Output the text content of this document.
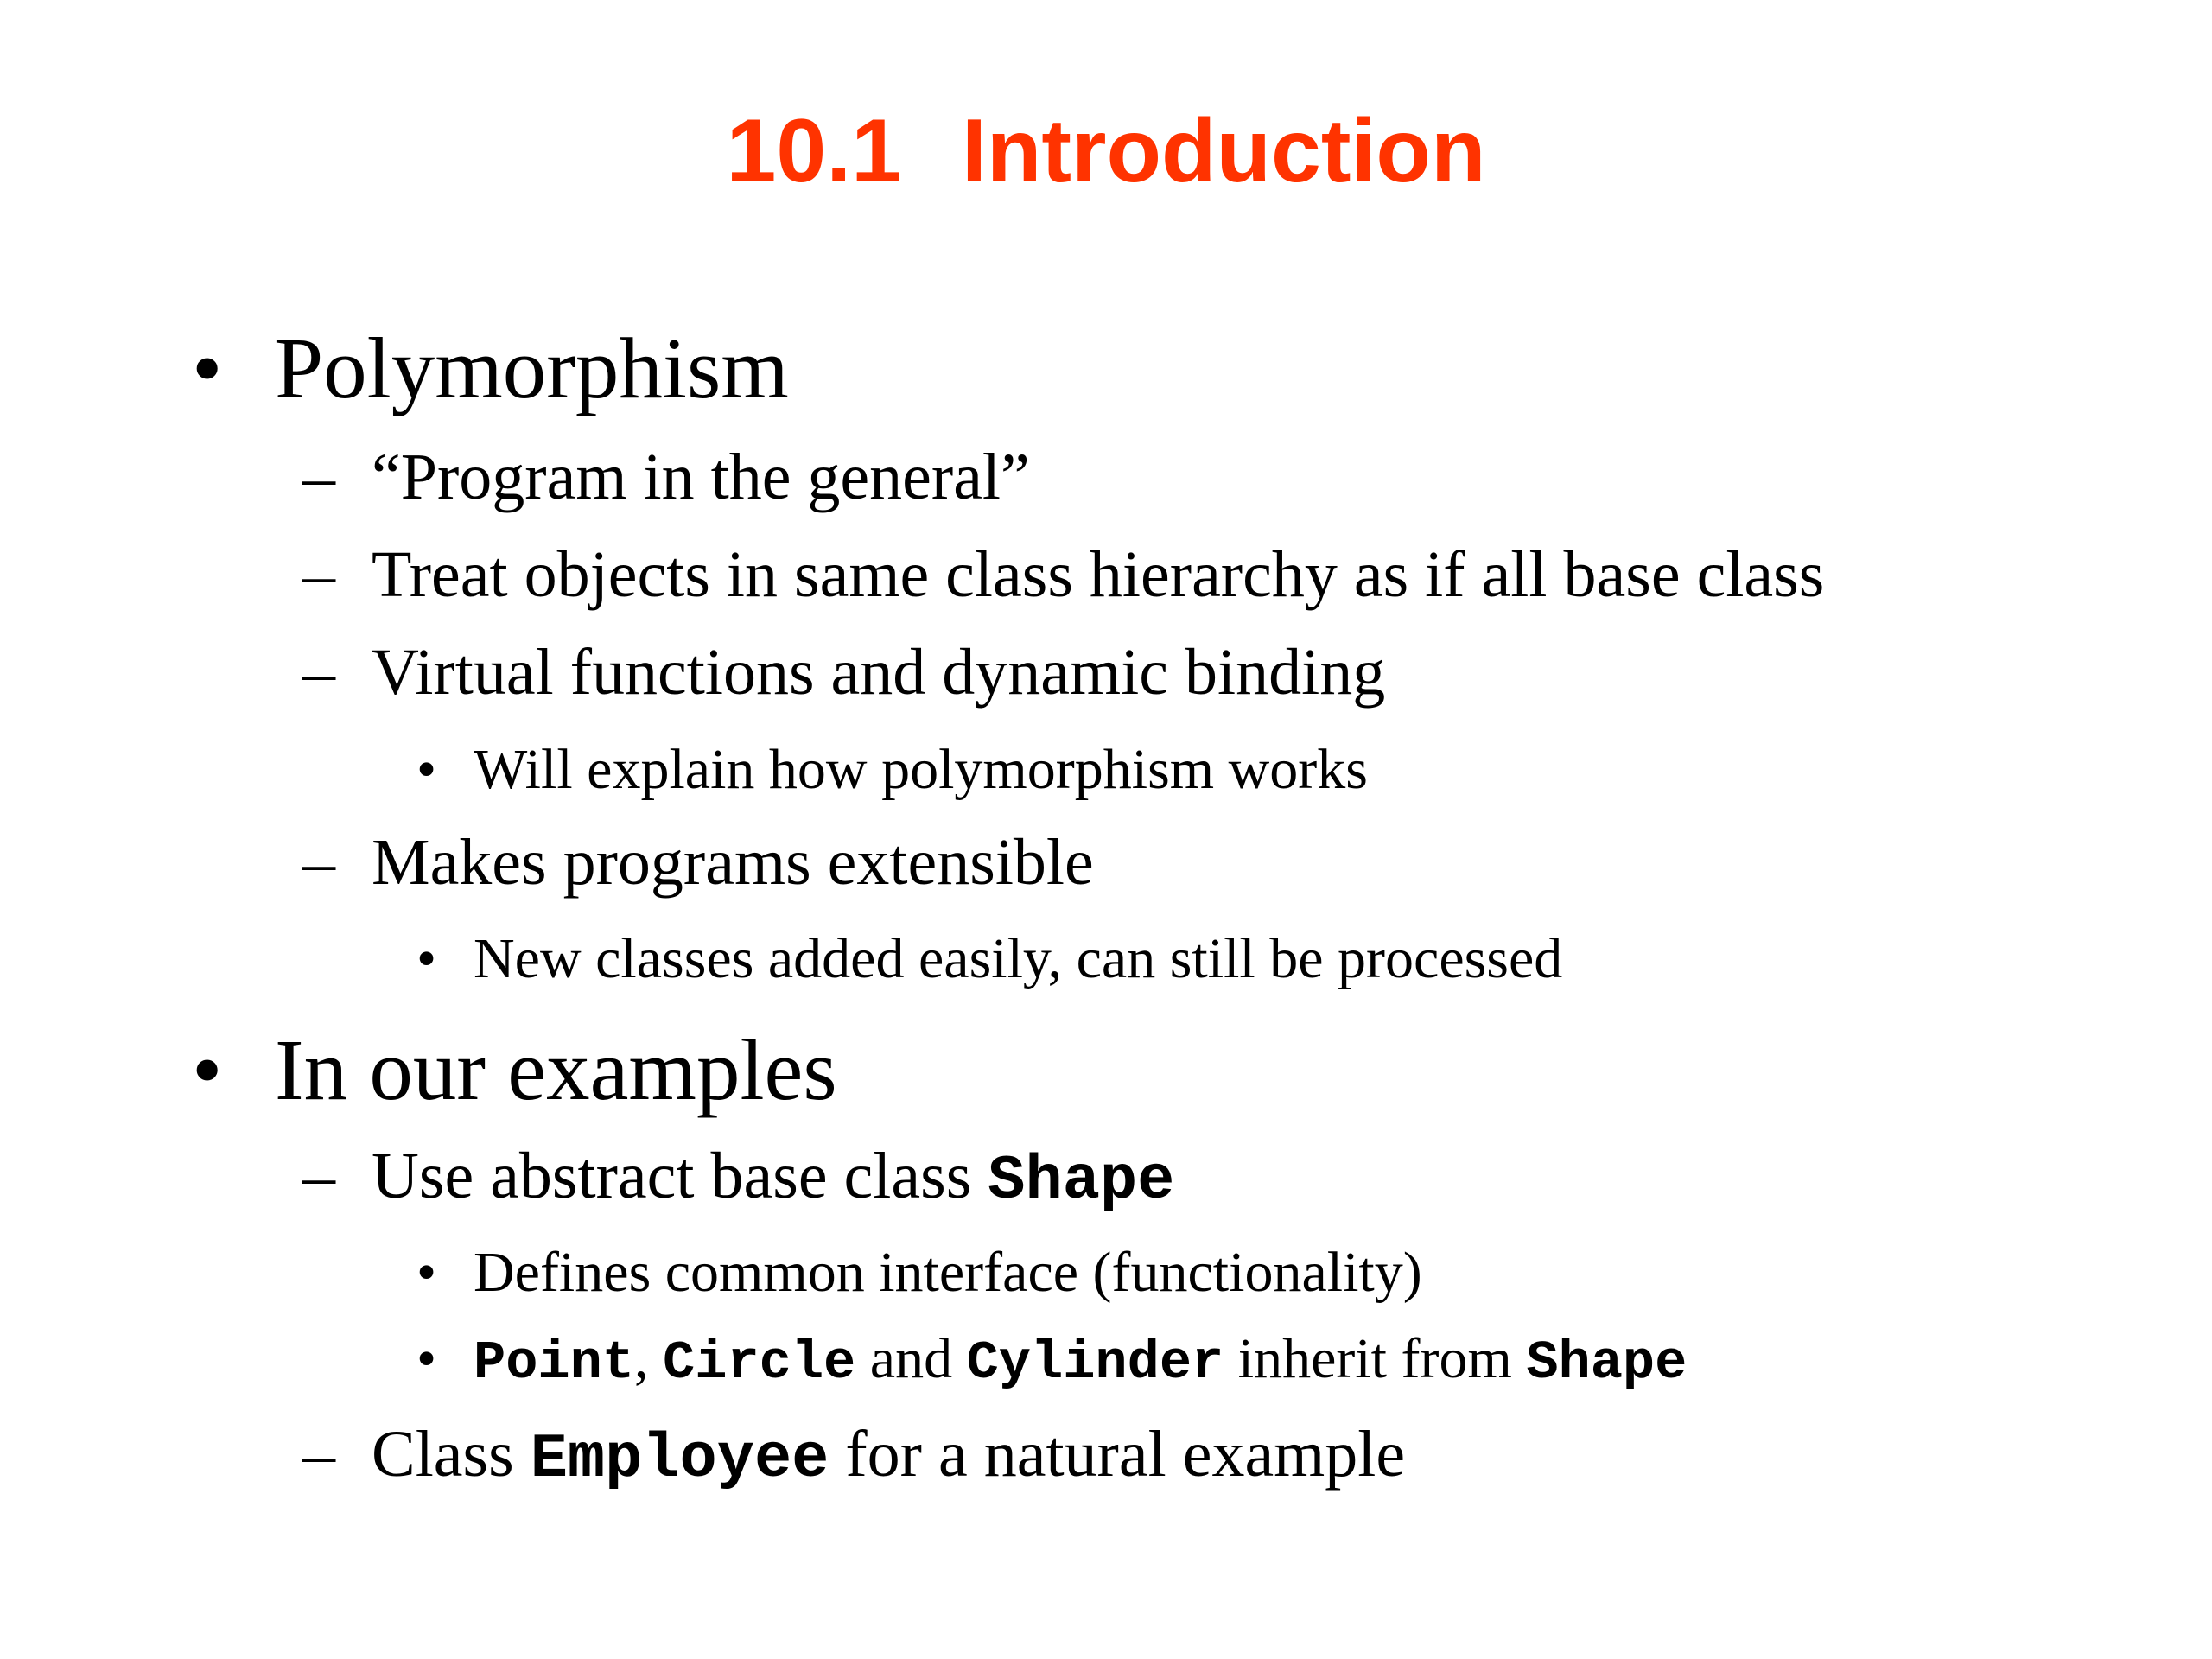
10.1 Introduction
• Polymorphism
– “Program in the general”
– Treat objects in same class hierarchy as if all base class
– Virtual functions and dynamic binding
• Will explain how polymorphism works
– Makes programs extensible
• New classes added easily, can still be processed
• In our examples
– Use abstract base class Shape
• Defines common interface (functionality)
• Point, Circle and Cylinder inherit from Shape
– Class Employee for a natural example
